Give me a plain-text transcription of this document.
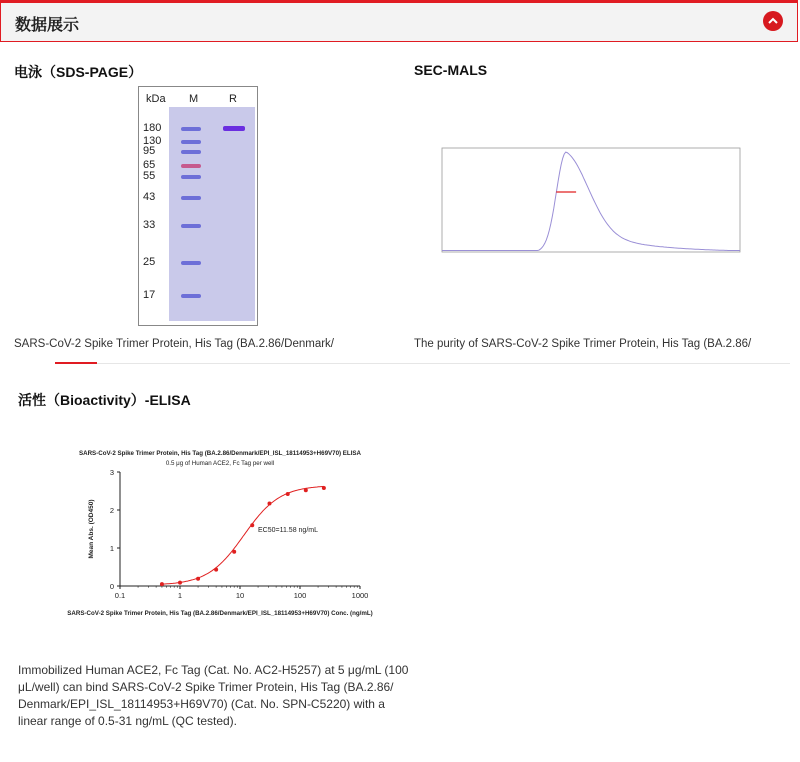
数据展示
电泳（SDS-PAGE）
kDa M	R
180
130
95
65
55
43
33
25
17
SARS-CoV-2 Spike Trimer Protein, His Tag (BA.2.86/Denmark/
SEC-MALS
The purity of SARS-CoV-2 Spike Trimer Protein, His Tag (BA.2.86/
活性（Bioactivity）-ELISA
SARS-CoV-2 Spike Trimer Protein, His Tag (BA.2.86/Denmark/EPI_ISL_18114953+H69V70) ELISA
0.5 μg of Human ACE2, Fc Tag per well
0
1
2
3
0.1	1	10	100	1000
Mean Abs. (OD450)
SARS-CoV-2 Spike Trimer Protein, His Tag (BA.2.86/Denmark/EPI_ISL_18114953+H69V70) Conc. (ng/mL)
EC50=11.58 ng/mL
Immobilized Human ACE2, Fc Tag (Cat. No. AC2-H5257) at 5 μg/mL (100
μL/well) can bind SARS-CoV-2 Spike Trimer Protein, His Tag (BA.2.86/
Denmark/EPI_ISL_18114953+H69V70) (Cat. No. SPN-C5220) with a
linear range of 0.5-31 ng/mL (QC tested).
